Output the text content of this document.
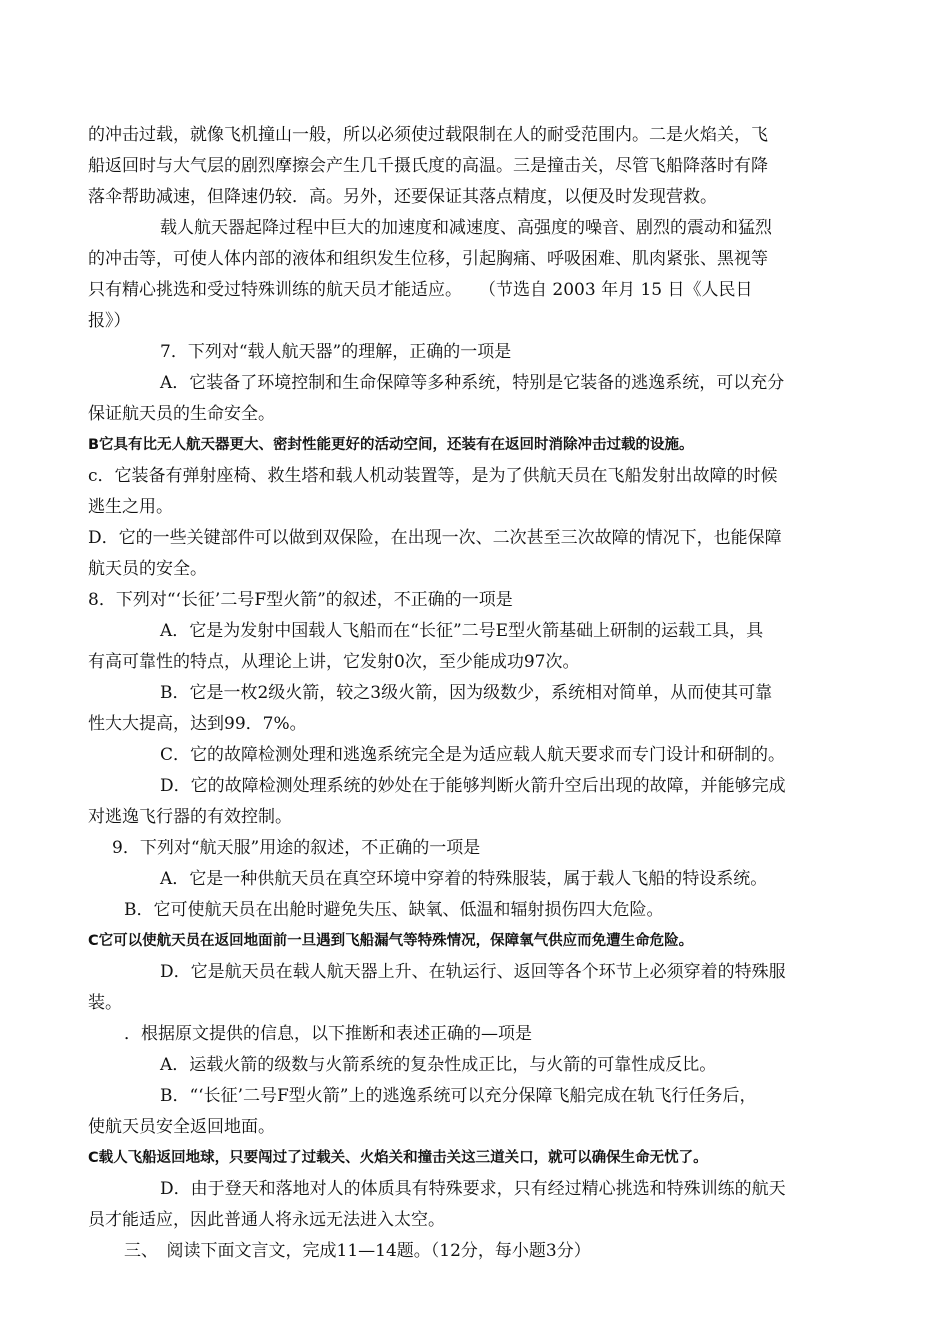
的冲击过载，就像飞机撞山一般，所以必须使过载限制在人的耐受范围内。二是火焰关，飞
船返回时与大气层的剧烈摩擦会产生几千摄氏度的高温。三是撞击关，尽管飞船降落时有降
落伞帮助减速，但降速仍较．高。另外，还要保证其落点精度，以便及时发现营救。
载人航天器起降过程中巨大的加速度和减速度、高强度的噪音、剧烈的震动和猛烈
的冲击等，可使人体内部的液体和组织发生位移，引起胸痛、呼吸困难、肌肉紧张、黑视等
只有精心挑选和受过特殊训练的航天员才能适应。　　（节选自 2003 年月 15 日《人民日
报》）
7．下列对“载人航天器”的理解，正确的一项是
A．它装备了环境控制和生命保障等多种系统，特别是它装备的逃逸系统，可以充分
保证航天员的生命安全。
B它具有比无人航天器更大、密封性能更好的活动空间，还装有在返回时消除冲击过载的设施。
c．它装备有弹射座椅、救生塔和载人机动装置等，是为了供航天员在飞船发射出故障的时候
逃生之用。
D．它的一些关键部件可以做到双保险，在出现一次、二次甚至三次故障的情况下，也能保障
航天员的安全。
8．下列对“‘长征’二号F型火箭”的叙述，不正确的一项是
A．它是为发射中国载人飞船而在“长征”二号E型火箭基础上研制的运载工具，具
有高可靠性的特点，从理论上讲，它发射0次，至少能成功97次。
B．它是一枚2级火箭，较之3级火箭，因为级数少，系统相对简单，从而使其可靠
性大大提高，达到99．7%。
C．它的故障检测处理和逃逸系统完全是为适应载人航天要求而专门设计和研制的。
D．它的故障检测处理系统的妙处在于能够判断火箭升空后出现的故障，并能够完成
对逃逸飞行器的有效控制。
9．下列对“航天服”用途的叙述，不正确的一项是
A．它是一种供航天员在真空环境中穿着的特殊服装，属于载人飞船的特设系统。
B．它可使航天员在出舱时避免失压、缺氧、低温和辐射损伤四大危险。
C它可以使航天员在返回地面前一旦遇到飞船漏气等特殊情况，保障氧气供应而免遭生命危险。
D．它是航天员在载人航天器上升、在轨运行、返回等各个环节上必须穿着的特殊服
装。
．根据原文提供的信息，以下推断和表述正确的—项是
A．运载火箭的级数与火箭系统的复杂性成正比，与火箭的可靠性成反比。
B．“‘长征’二号F型火箭”上的逃逸系统可以充分保障飞船完成在轨飞行任务后，
使航天员安全返回地面。
C载人飞船返回地球，只要闯过了过载关、火焰关和撞击关这三道关口，就可以确保生命无忧了。
D．由于登天和落地对人的体质具有特殊要求，只有经过精心挑选和特殊训练的航天
员才能适应，因此普通人将永远无法进入太空。
三、　阅读下面文言文，完成11—14题。（12分，每小题3分）
